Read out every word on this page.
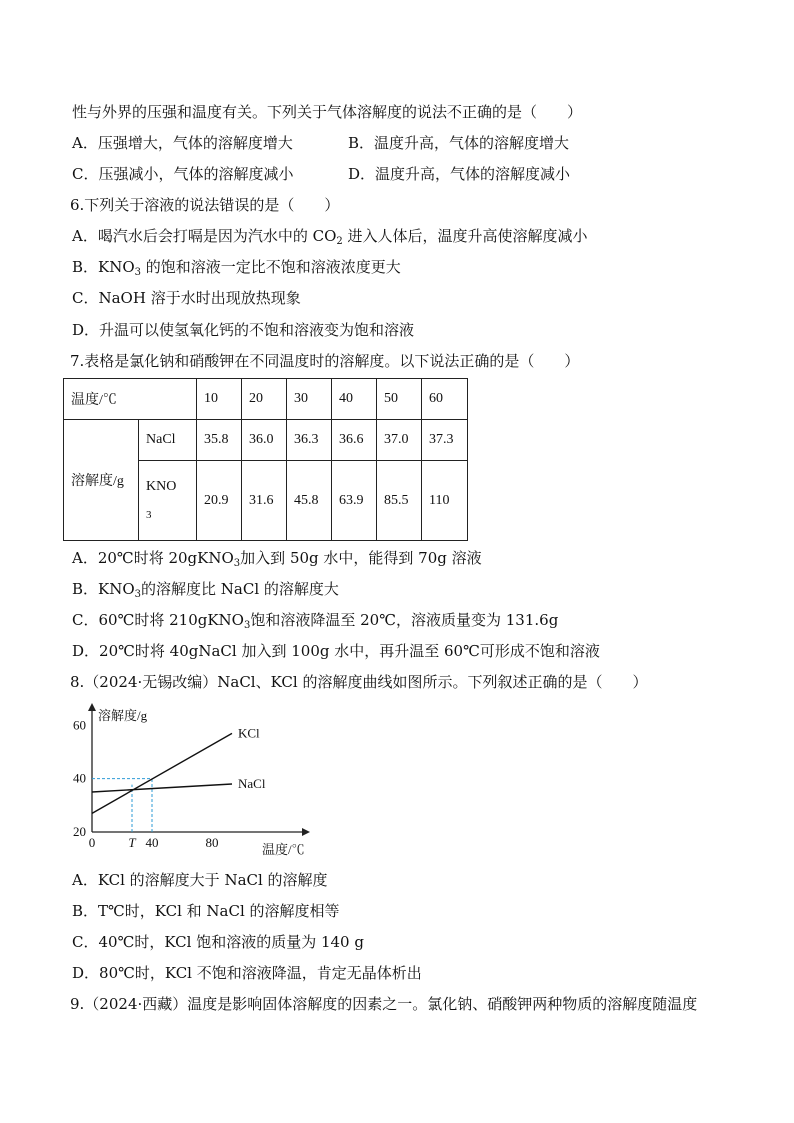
性与外界的压强和温度有关。下列关于气体溶解度的说法不正确的是（　　）
A．压强增大，气体的溶解度增大	B．温度升高，气体的溶解度增大
C．压强减小，气体的溶解度减小	D．温度升高，气体的溶解度减小
6.下列关于溶液的说法错误的是（　　）
A．喝汽水后会打嗝是因为汽水中的 $CO_2$ 进入人体后，温度升高使溶解度减小
B．$KNO_3$ 的饱和溶液一定比不饱和溶液浓度更大
C．NaOH 溶于水时出现放热现象
D．升温可以使氢氧化钙的不饱和溶液变为饱和溶液
7.表格是氯化钠和硝酸钾在不同温度时的溶解度。以下说法正确的是（　　）
温度/℃		10	20	30	40	50	60
溶解度/g	NaCl	35.8	36.0	36.3	36.6	37.0	37.3
	KNO
3	20.9	31.6	45.8	63.9	85.5	110
A．20℃时将 20gKNO$_3$加入到 50g 水中，能得到 70g 溶液
B．$KNO_3$的溶解度比 NaCl 的溶解度大
C．60℃时将 210gKNO$_3$饱和溶液降温至 20℃，溶液质量变为 131.6g
D．20℃时将 40gNaCl 加入到 100g 水中，再升温至 60℃可形成不饱和溶液
8.（2024·无锡改编）NaCl、KCl 的溶解度曲线如图所示。下列叙述正确的是（　　）
20
40
60
0	T 40	80
KCl
NaCl
溶解度/g
温度/℃
A．KCl 的溶解度大于 NaCl 的溶解度
B．T℃时，KCl 和 NaCl 的溶解度相等
C．40℃时，KCl 饱和溶液的质量为 140 g
D．80℃时，KCl 不饱和溶液降温，肯定无晶体析出
9.（2024·西藏）温度是影响固体溶解度的因素之一。氯化钠、硝酸钾两种物质的溶解度随温度
